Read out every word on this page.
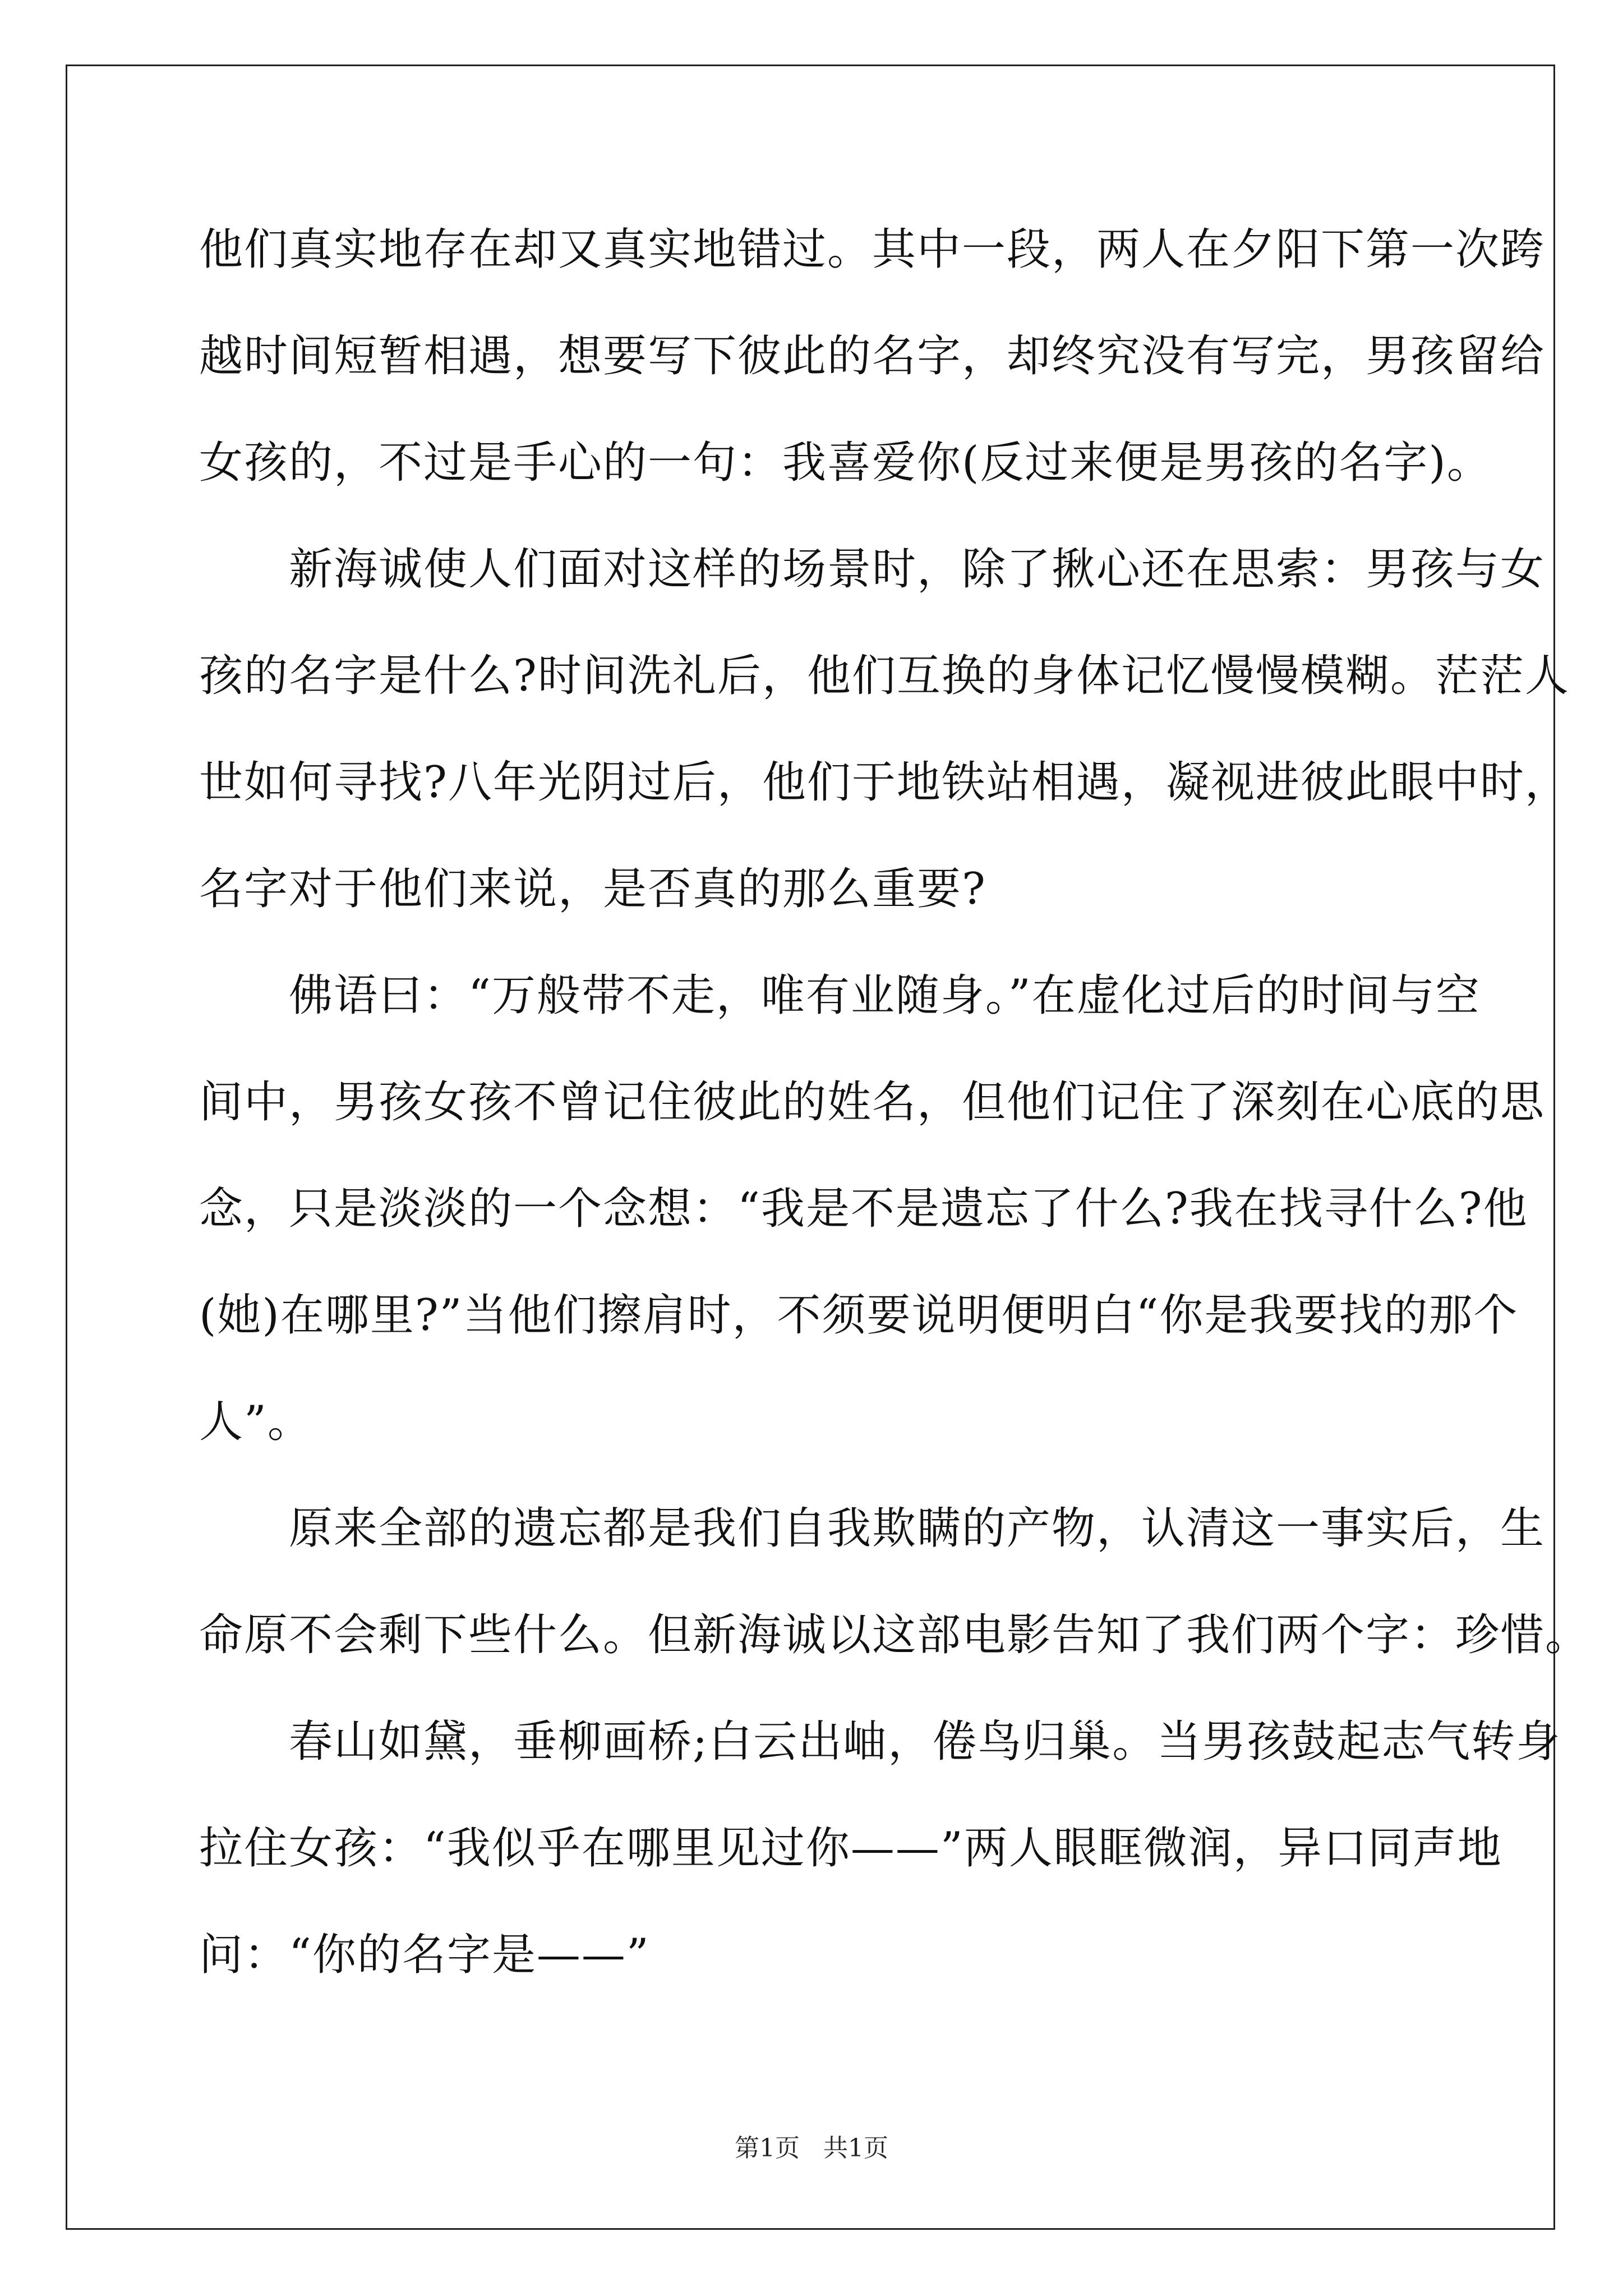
他们真实地存在却又真实地错过。其中一段，两人在夕阳下第一次跨
越时间短暂相遇，想要写下彼此的名字，却终究没有写完，男孩留给
女孩的，不过是手心的一句：我喜爱你(反过来便是男孩的名字)。
　　新海诚使人们面对这样的场景时，除了揪心还在思索：男孩与女
孩的名字是什么?时间洗礼后，他们互换的身体记忆慢慢模糊。茫茫人
世如何寻找?八年光阴过后，他们于地铁站相遇，凝视进彼此眼中时，
名字对于他们来说，是否真的那么重要?
　　佛语曰：“万般带不走，唯有业随身。”在虚化过后的时间与空
间中，男孩女孩不曾记住彼此的姓名，但他们记住了深刻在心底的思
念，只是淡淡的一个念想：“我是不是遗忘了什么?我在找寻什么?他
(她)在哪里?”当他们擦肩时，不须要说明便明白“你是我要找的那个
人”。
　　原来全部的遗忘都是我们自我欺瞒的产物，认清这一事实后，生
命原不会剩下些什么。但新海诚以这部电影告知了我们两个字：珍惜。
　　春山如黛，垂柳画桥;白云出岫，倦鸟归巢。当男孩鼓起志气转身
拉住女孩：“我似乎在哪里见过你——”两人眼眶微润，异口同声地
问：“你的名字是——”
第1页 共1页
